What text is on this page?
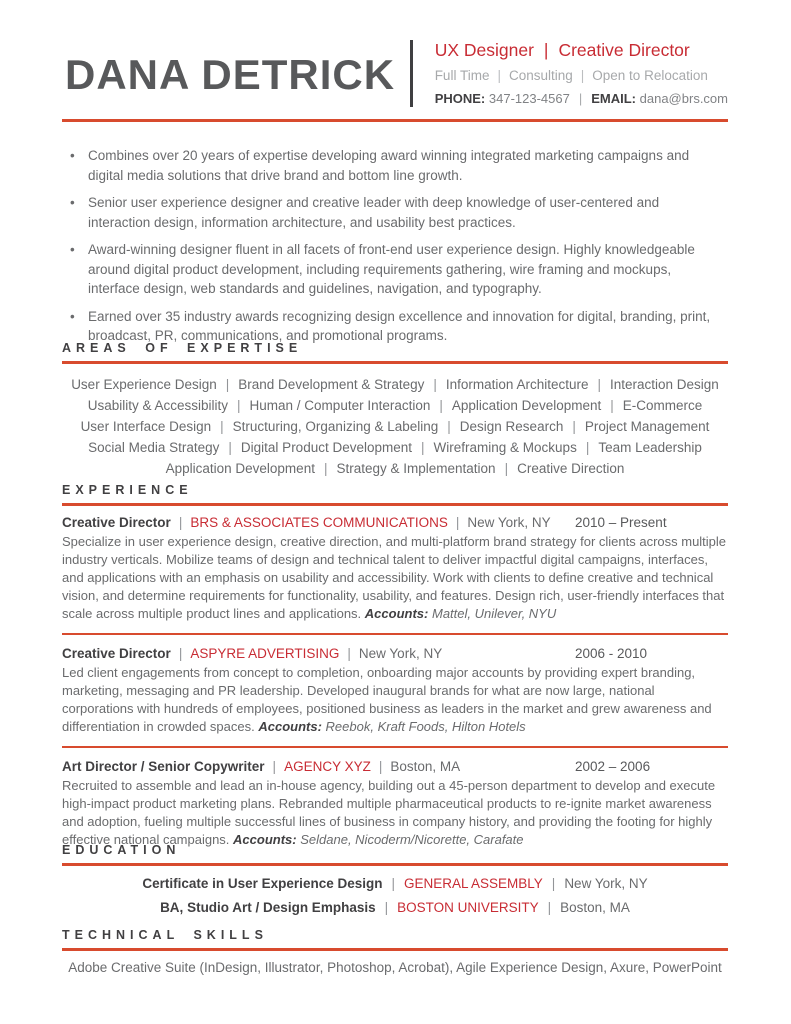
DANA DETRICK
UX Designer | Creative Director
Full Time | Consulting | Open to Relocation
PHONE: 347-123-4567 | EMAIL: dana@brs.com
• Combines over 20 years of expertise developing award winning integrated marketing campaigns and digital media solutions that drive brand and bottom line growth.
• Senior user experience designer and creative leader with deep knowledge of user-centered and interaction design, information architecture, and usability best practices.
• Award-winning designer fluent in all facets of front-end user experience design. Highly knowledgeable around digital product development, including requirements gathering, wire framing and mockups, interface design, web standards and guidelines, navigation, and typography.
• Earned over 35 industry awards recognizing design excellence and innovation for digital, branding, print, broadcast, PR, communications, and promotional programs.
AREAS OF EXPERTISE
User Experience Design | Brand Development & Strategy | Information Architecture | Interaction Design
Usability & Accessibility | Human / Computer Interaction | Application Development | E-Commerce
User Interface Design | Structuring, Organizing & Labeling | Design Research | Project Management
Social Media Strategy | Digital Product Development | Wireframing & Mockups | Team Leadership
Application Development | Strategy & Implementation | Creative Direction
EXPERIENCE
Creative Director | BRS & ASSOCIATES COMMUNICATIONS | New York, NY 2010 – Present
Specialize in user experience design, creative direction, and multi-platform brand strategy for clients across multiple industry verticals. Mobilize teams of design and technical talent to deliver impactful digital campaigns, interfaces, and applications with an emphasis on usability and accessibility. Work with clients to define creative and technical vision, and determine requirements for functionality, usability, and features. Design rich, user-friendly interfaces that scale across multiple product lines and applications. Accounts: Mattel, Unilever, NYU
Creative Director | ASPYRE ADVERTISING | New York, NY	2006 - 2010
Led client engagements from concept to completion, onboarding major accounts by providing expert branding, marketing, messaging and PR leadership. Developed inaugural brands for what are now large, national corporations with hundreds of employees, positioned business as leaders in the market and grew awareness and differentiation in crowded spaces. Accounts: Reebok, Kraft Foods, Hilton Hotels
Art Director / Senior Copywriter | AGENCY XYZ | Boston, MA	2002 – 2006
Recruited to assemble and lead an in-house agency, building out a 45-person department to develop and execute high-impact product marketing plans. Rebranded multiple pharmaceutical products to re-ignite market awareness and adoption, fueling multiple successful lines of business in company history, and providing the footing for highly effective national campaigns. Accounts: Seldane, Nicoderm/Nicorette, Carafate
EDUCATION
Certificate in User Experience Design | GENERAL ASSEMBLY | New York, NY
BA, Studio Art / Design Emphasis | BOSTON UNIVERSITY | Boston, MA
TECHNICAL SKILLS
Adobe Creative Suite (InDesign, Illustrator, Photoshop, Acrobat), Agile Experience Design, Axure, PowerPoint
